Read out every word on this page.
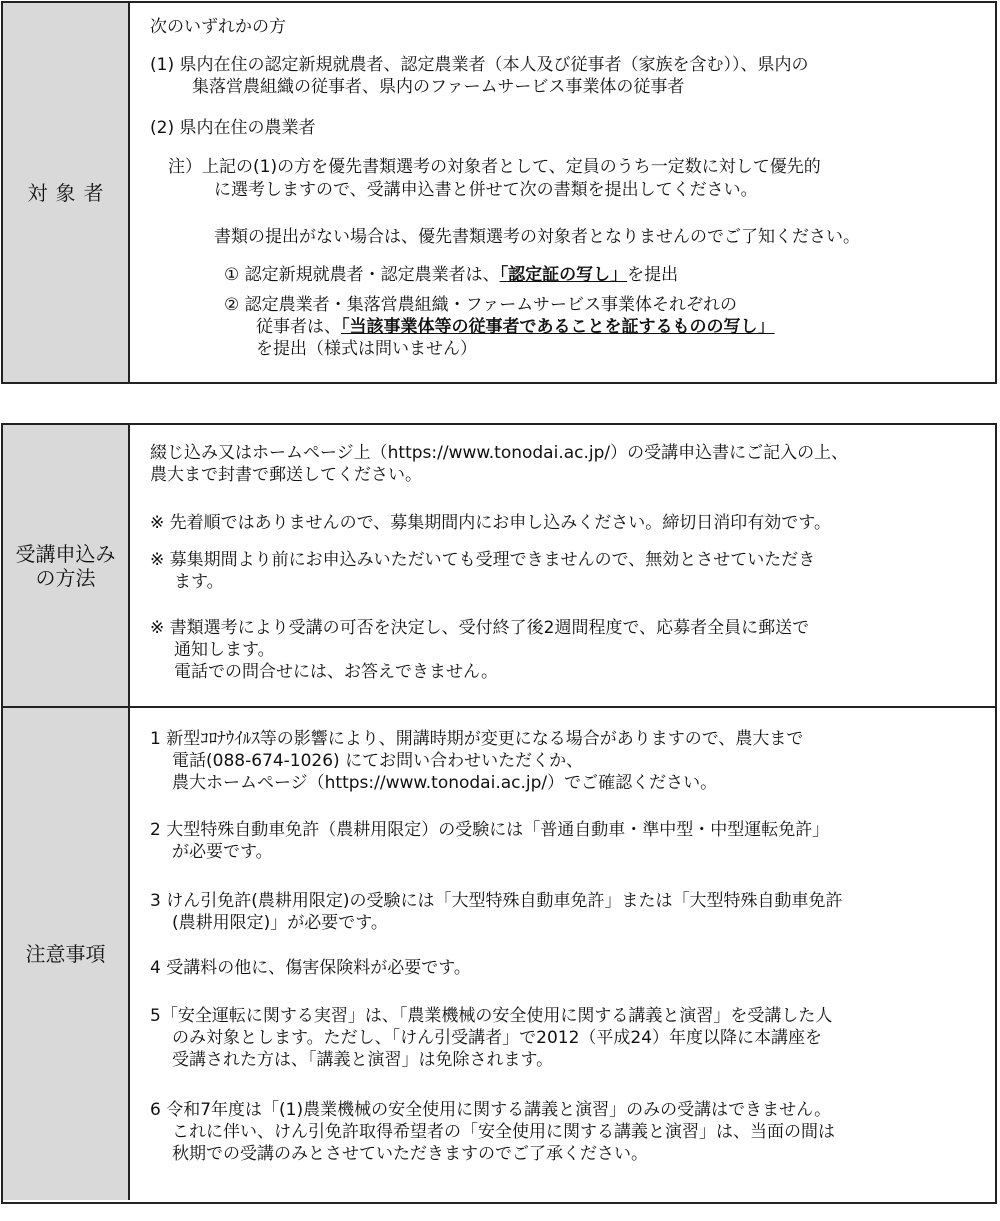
対象者
次のいずれかの方
(1) 県内在住の認定新規就農者、認定農業者（本人及び従事者（家族を含む））、県内の
集落営農組織の従事者、県内のファームサービス事業体の従事者
(2) 県内在住の農業者
注）上記の(1)の方を優先書類選考の対象者として、定員のうち一定数に対して優先的
に選考しますので、受講申込書と併せて次の書類を提出してください。
書類の提出がない場合は、優先書類選考の対象者となりませんのでご了知ください。
① 認定新規就農者・認定農業者は、「認定証の写し」を提出
② 認定農業者・集落営農組織・ファームサービス事業体それぞれの
従事者は、「当該事業体等の従事者であることを証するものの写し」
を提出（様式は問いません）
受講申込み
の方法
綴じ込み又はホームページ上（https://www.tonodai.ac.jp/）の受講申込書にご記入の上、
農大まで封書で郵送してください。
※ 先着順ではありませんので、募集期間内にお申し込みください。締切日消印有効です。
※ 募集期間より前にお申込みいただいても受理できませんので、無効とさせていただき
ます。
※ 書類選考により受講の可否を決定し、受付終了後2週間程度で、応募者全員に郵送で
通知します。
電話での問合せには、お答えできません。
注意事項
1 新型ｺﾛﾅｳｲﾙｽ等の影響により、開講時期が変更になる場合がありますので、農大まで
電話(088-674-1026) にてお問い合わせいただくか、
農大ホームページ（https://www.tonodai.ac.jp/）でご確認ください。
2 大型特殊自動車免許（農耕用限定）の受験には「普通自動車・準中型・中型運転免許」
が必要です。
3 けん引免許(農耕用限定)の受験には「大型特殊自動車免許」または「大型特殊自動車免許
(農耕用限定)」が必要です。
4 受講料の他に、傷害保険料が必要です。
5「安全運転に関する実習」は、「農業機械の安全使用に関する講義と演習」を受講した人
のみ対象とします。ただし、「けん引受講者」で2012（平成24）年度以降に本講座を
受講された方は、「講義と演習」は免除されます。
6 令和7年度は「(1)農業機械の安全使用に関する講義と演習」のみの受講はできません。
これに伴い、けん引免許取得希望者の「安全使用に関する講義と演習」は、当面の間は
秋期での受講のみとさせていただきますのでご了承ください。
